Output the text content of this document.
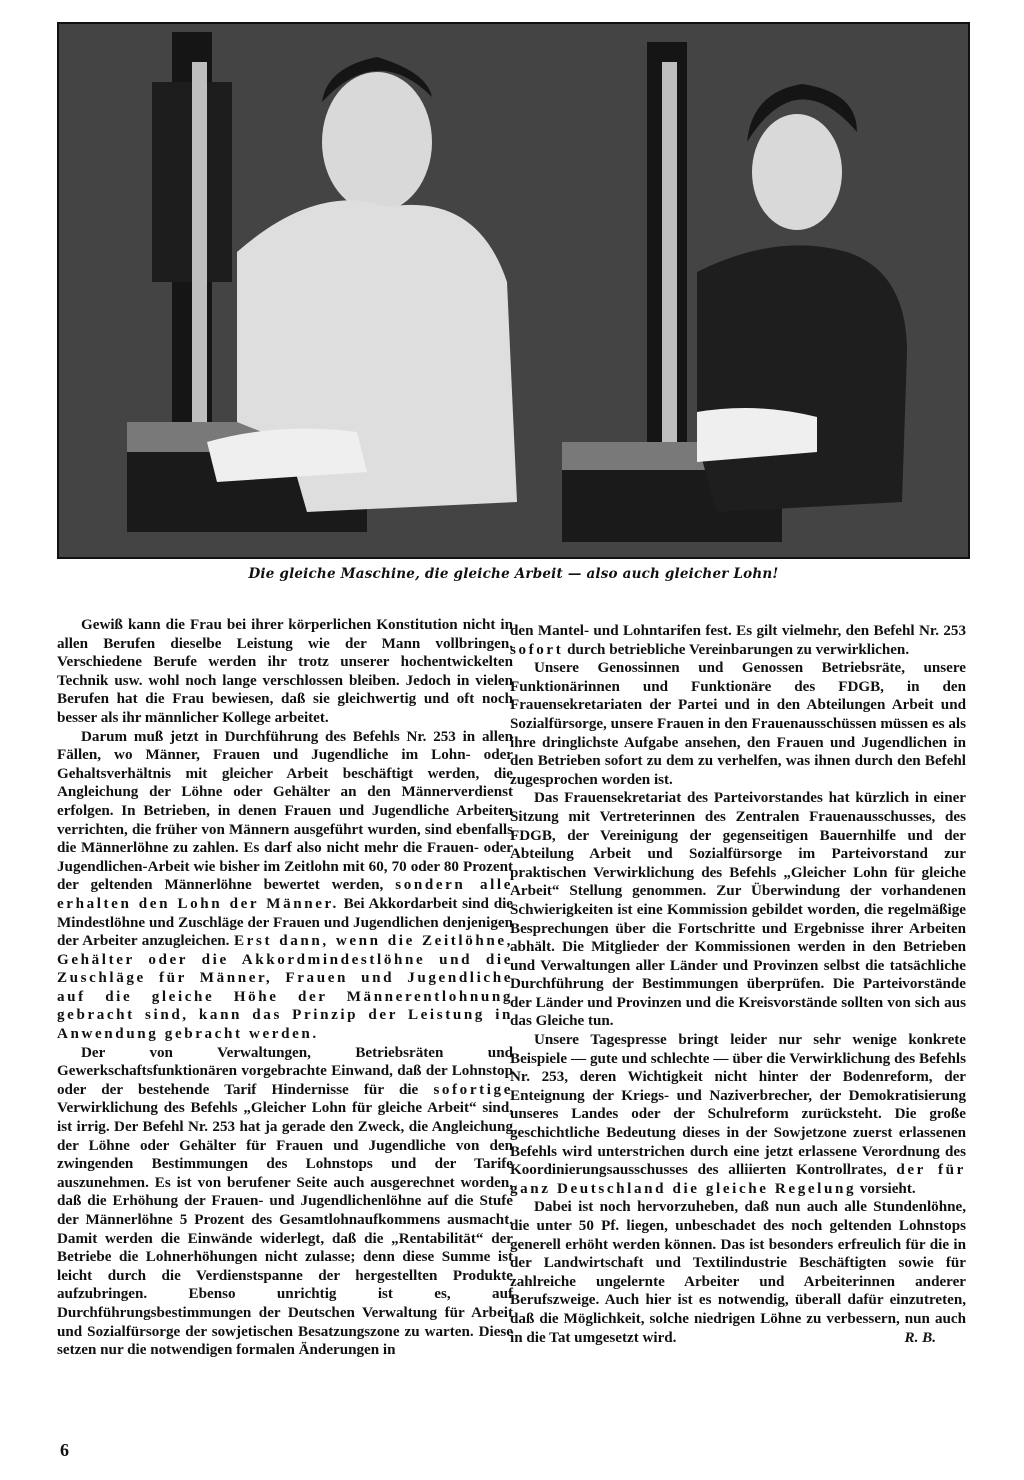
Die gleiche Maschine, die gleiche Arbeit — also auch gleicher Lohn!

Gewiß kann die Frau bei ihrer körperlichen Konstitution nicht in allen Berufen dieselbe Leistung wie der Mann vollbringen. Verschiedene Berufe werden ihr trotz unserer hochentwickelten Technik usw. wohl noch lange verschlossen bleiben. Jedoch in vielen Berufen hat die Frau bewiesen, daß sie gleichwertig und oft noch besser als ihr männlicher Kollege arbeitet.

Darum muß jetzt in Durchführung des Befehls Nr. 253 in allen Fällen, wo Männer, Frauen und Jugendliche im Lohn- oder Gehaltsverhältnis mit gleicher Arbeit beschäftigt werden, die Angleichung der Löhne oder Gehälter an den Männerverdienst erfolgen. In Betrieben, in denen Frauen und Jugendliche Arbeiten verrichten, die früher von Männern ausgeführt wurden, sind ebenfalls die Männerlöhne zu zahlen. Es darf also nicht mehr die Frauen- oder Jugendlichen-Arbeit wie bisher im Zeitlohn mit 60, 70 oder 80 Prozent der geltenden Männerlöhne bewertet werden, sondern alle erhalten den Lohn der Männer. Bei Akkordarbeit sind die Mindestlöhne und Zuschläge der Frauen und Jugendlichen denjenigen der Arbeiter anzugleichen. Erst dann, wenn die Zeitlöhne, Gehälter oder die Akkordmindestlöhne und die Zuschläge für Männer, Frauen und Jugendliche auf die gleiche Höhe der Männerentlohnung gebracht sind, kann das Prinzip der Leistung in Anwendung gebracht werden.

Der von Verwaltungen, Betriebsräten und Gewerkschaftsfunktionären vorgebrachte Einwand, daß der Lohnstop oder der bestehende Tarif Hindernisse für die sofortige Verwirklichung des Befehls „Gleicher Lohn für gleiche Arbeit“ sind, ist irrig. Der Befehl Nr. 253 hat ja gerade den Zweck, die Angleichung der Löhne oder Gehälter für Frauen und Jugendliche von den zwingenden Bestimmungen des Lohnstops und der Tarife auszunehmen. Es ist von berufener Seite auch ausgerechnet worden, daß die Erhöhung der Frauen- und Jugendlichenlöhne auf die Stufe der Männerlöhne 5 Prozent des Gesamtlohnaufkommens ausmacht. Damit werden die Einwände widerlegt, daß die „Rentabilität“ der Betriebe die Lohnerhöhungen nicht zulasse; denn diese Summe ist leicht durch die Verdienstspanne der hergestellten Produkte aufzubringen. Ebenso unrichtig ist es, auf Durchführungsbestimmungen der Deutschen Verwaltung für Arbeit und Sozialfürsorge der sowjetischen Besatzungszone zu warten. Diese setzen nur die notwendigen formalen Änderungen in

den Mantel- und Lohntarifen fest. Es gilt vielmehr, den Befehl Nr. 253 sofort durch betriebliche Vereinbarungen zu verwirklichen.

Unsere Genossinnen und Genossen Betriebsräte, unsere Funktionärinnen und Funktionäre des FDGB, in den Frauensekretariaten der Partei und in den Abteilungen Arbeit und Sozialfürsorge, unsere Frauen in den Frauenausschüssen müssen es als ihre dringlichste Aufgabe ansehen, den Frauen und Jugendlichen in den Betrieben sofort zu dem zu verhelfen, was ihnen durch den Befehl zugesprochen worden ist.

Das Frauensekretariat des Parteivorstandes hat kürzlich in einer Sitzung mit Vertreterinnen des Zentralen Frauenausschusses, des FDGB, der Vereinigung der gegenseitigen Bauernhilfe und der Abteilung Arbeit und Sozialfürsorge im Parteivorstand zur praktischen Verwirklichung des Befehls „Gleicher Lohn für gleiche Arbeit“ Stellung genommen. Zur Überwindung der vorhandenen Schwierigkeiten ist eine Kommission gebildet worden, die regelmäßige Besprechungen über die Fortschritte und Ergebnisse ihrer Arbeiten abhält. Die Mitglieder der Kommissionen werden in den Betrieben und Verwaltungen aller Länder und Provinzen selbst die tatsächliche Durchführung der Bestimmungen überprüfen. Die Parteivorstände der Länder und Provinzen und die Kreisvorstände sollten von sich aus das Gleiche tun.

Unsere Tagespresse bringt leider nur sehr wenige konkrete Beispiele — gute und schlechte — über die Verwirklichung des Befehls Nr. 253, deren Wichtigkeit nicht hinter der Bodenreform, der Enteignung der Kriegs- und Naziverbrecher, der Demokratisierung unseres Landes oder der Schulreform zurücksteht. Die große geschichtliche Bedeutung dieses in der Sowjetzone zuerst erlassenen Befehls wird unterstrichen durch eine jetzt erlassene Verordnung des Koordinierungsausschusses des alliierten Kontrollrates, der für ganz Deutschland die gleiche Regelung vorsieht.

Dabei ist noch hervorzuheben, daß nun auch alle Stundenlöhne, die unter 50 Pf. liegen, unbeschadet des noch geltenden Lohnstops generell erhöht werden können. Das ist besonders erfreulich für die in der Landwirtschaft und Textilindustrie Beschäftigten sowie für zahlreiche ungelernte Arbeiter und Arbeiterinnen anderer Berufszweige. Auch hier ist es notwendig, überall dafür einzutreten, daß die Möglichkeit, solche niedrigen Löhne zu verbessern, nun auch in die Tat umgesetzt wird.	R. B.

6
